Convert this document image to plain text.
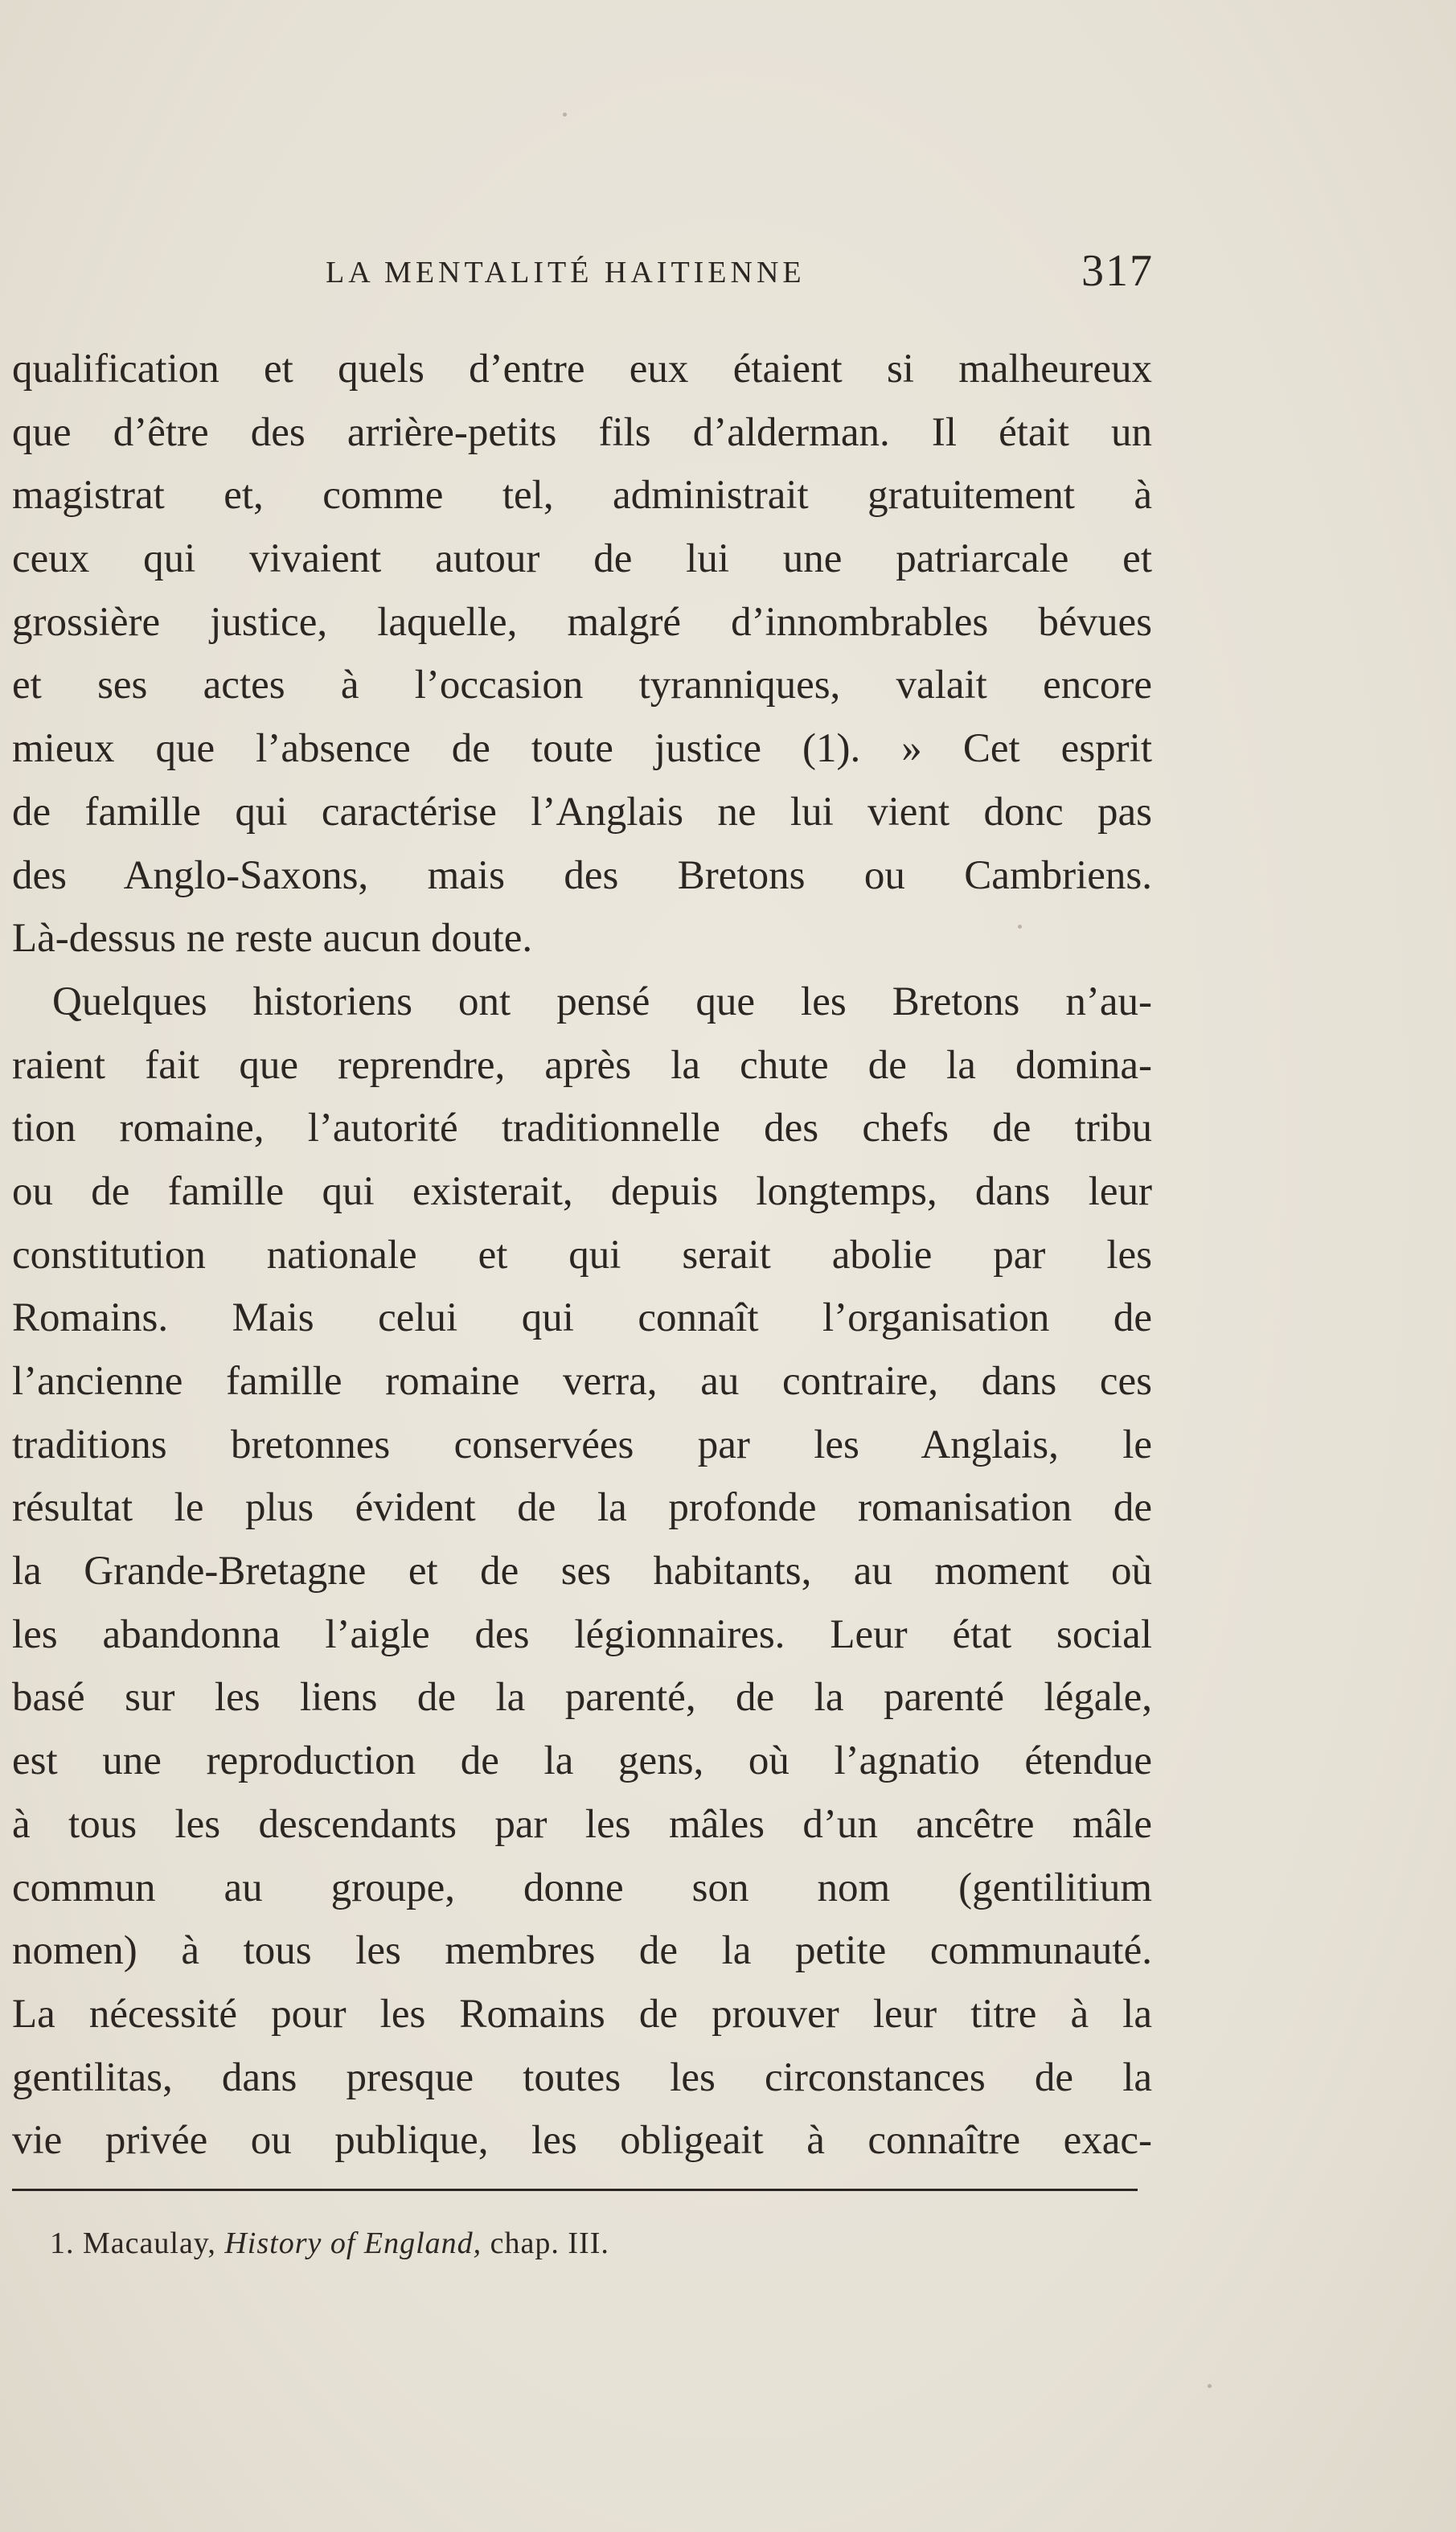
LA MENTALITÉ HAITIENNE	317
qualification et quels d’entre eux étaient si malheureux
que d’être des arrière-petits fils d’alderman. Il était un
magistrat et, comme tel, administrait gratuitement à
ceux qui vivaient autour de lui une patriarcale et
grossière justice, laquelle, malgré d’innombrables bévues
et ses actes à l’occasion tyranniques, valait encore
mieux que l’absence de toute justice (1). » Cet esprit
de famille qui caractérise l’Anglais ne lui vient donc pas
des Anglo-Saxons, mais des Bretons ou Cambriens.
Là-dessus ne reste aucun doute.
Quelques historiens ont pensé que les Bretons n’au-
raient fait que reprendre, après la chute de la domina-
tion romaine, l’autorité traditionnelle des chefs de tribu
ou de famille qui existerait, depuis longtemps, dans leur
constitution nationale et qui serait abolie par les
Romains. Mais celui qui connaît l’organisation de
l’ancienne famille romaine verra, au contraire, dans ces
traditions bretonnes conservées par les Anglais, le
résultat le plus évident de la profonde romanisation de
la Grande-Bretagne et de ses habitants, au moment où
les abandonna l’aigle des légionnaires. Leur état social
basé sur les liens de la parenté, de la parenté légale,
est une reproduction de la gens, où l’agnatio étendue
à tous les descendants par les mâles d’un ancêtre mâle
commun au groupe, donne son nom (gentilitium
nomen) à tous les membres de la petite communauté.
La nécessité pour les Romains de prouver leur titre à la
gentilitas, dans presque toutes les circonstances de la
vie privée ou publique, les obligeait à connaître exac-
1. Macaulay, History of England, chap. III.
